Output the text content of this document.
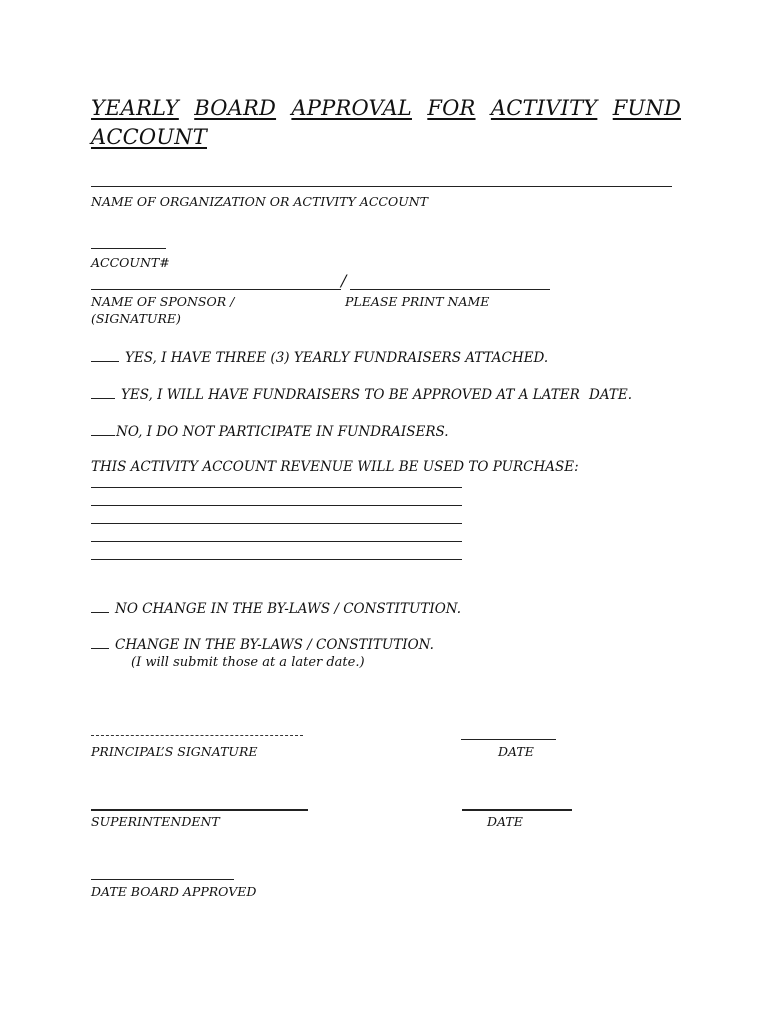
YEARLY BOARD APPROVAL FOR ACTIVITY FUND
ACCOUNT
NAME OF ORGANIZATION OR ACTIVITY ACCOUNT
ACCOUNT#
/
NAME OF SPONSOR /
(SIGNATURE)
PLEASE PRINT NAME
YES, I HAVE THREE (3) YEARLY FUNDRAISERS ATTACHED.
YES, I WILL HAVE FUNDRAISERS TO BE APPROVED AT A LATER DATE.
NO, I DO NOT PARTICIPATE IN FUNDRAISERS.
THIS ACTIVITY ACCOUNT REVENUE WILL BE USED TO PURCHASE:
NO CHANGE IN THE BY-LAWS / CONSTITUTION.
CHANGE IN THE BY-LAWS / CONSTITUTION.
(I will submit those at a later date.)
PRINCIPAL’S SIGNATURE	DATE
SUPERINTENDENT	DATE
DATE BOARD APPROVED
